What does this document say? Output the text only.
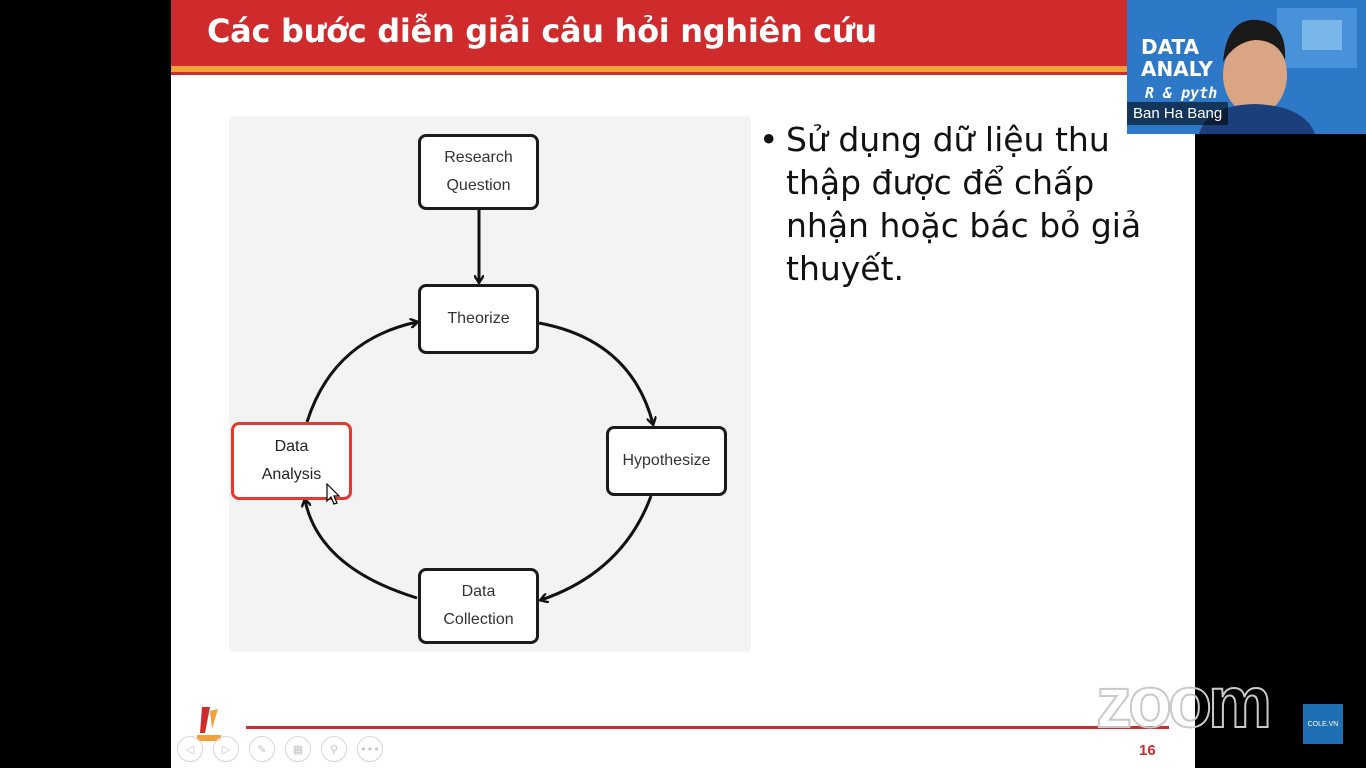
Các bước diễn giải câu hỏi nghiên cứu
Research
Question
Theorize
Hypothesize
Data
Collection
Data
Analysis
• Sử dụng dữ liệu thu thập được để chấp nhận hoặc bác bỏ giả thuyết.
16
◁	▷ ✎ ▦ ⚲ •••
DATA
ANALY
R & pyth
Ban Ha Bang
zoom	COLE.VN
